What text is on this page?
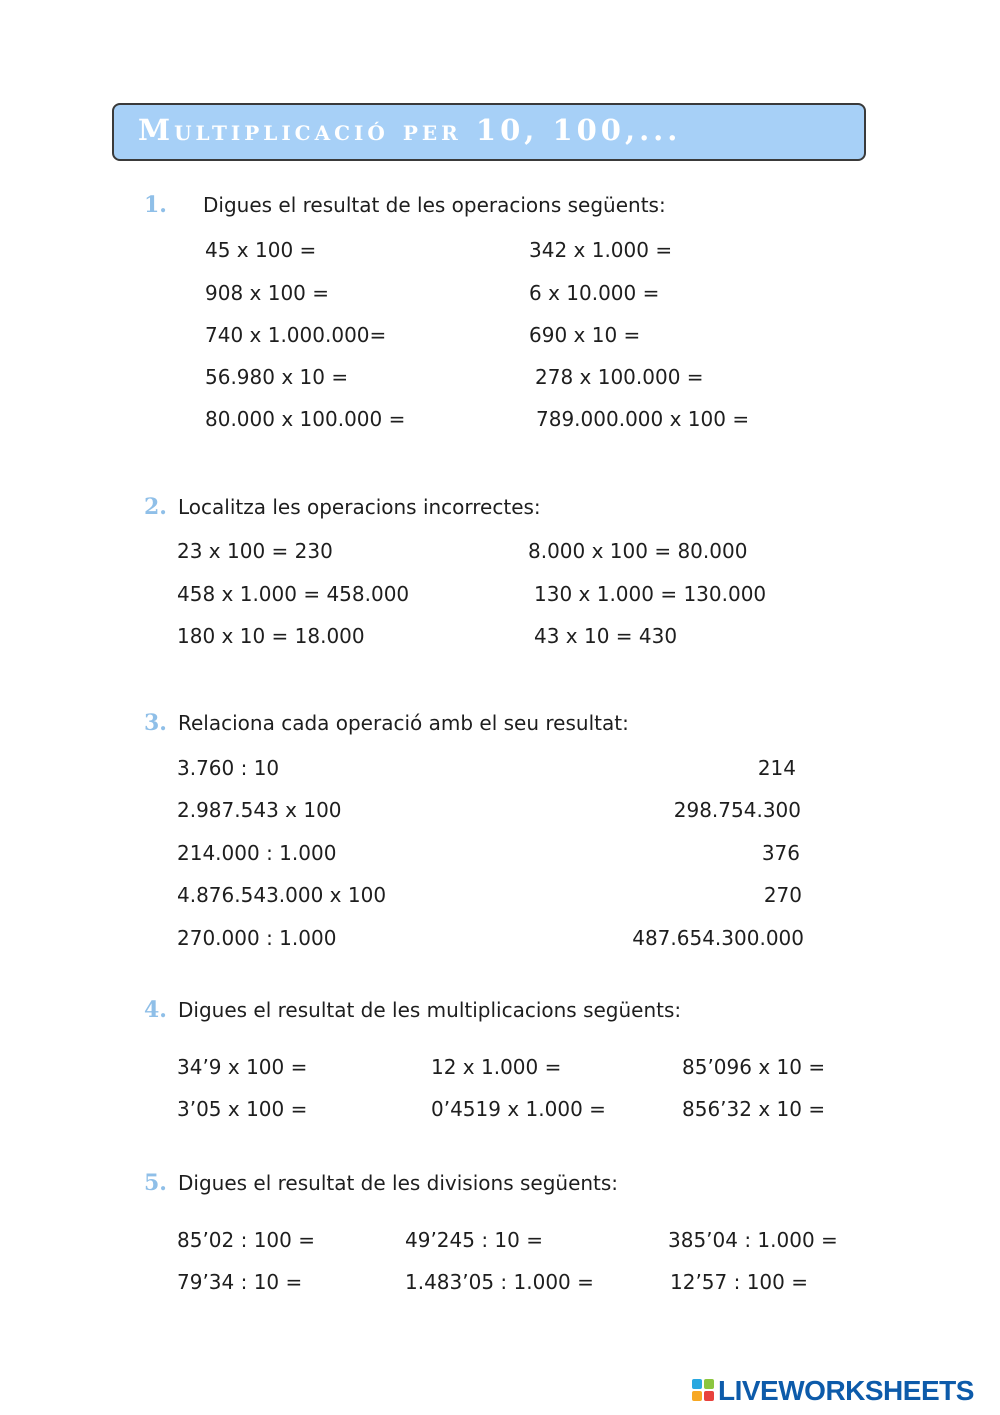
Multiplicació per 10, 100,...
1. Digues el resultat de les operacions següents:
45 x 100 =	342 x 1.000 =
908 x 100 =	6 x 10.000 =
740 x 1.000.000=	690 x 10 =
56.980 x 10 =	278 x 100.000 =
80.000 x 100.000 =	789.000.000 x 100 =
2. Localitza les operacions incorrectes:
23 x 100 = 230	8.000 x 100 = 80.000
458 x 1.000 = 458.000	130 x 1.000 = 130.000
180 x 10 = 18.000	43 x 10 = 430
3. Relaciona cada operació amb el seu resultat:
3.760 : 10	214
2.987.543 x 100	298.754.300
214.000 : 1.000	376
4.876.543.000 x 100	270
270.000 : 1.000	487.654.300.000
4. Digues el resultat de les multiplicacions següents:
34’9 x 100 =	12 x 1.000 =	85’096 x 10 =
3’05 x 100 =	0’4519 x 1.000 =	856’32 x 10 =
5. Digues el resultat de les divisions següents:
85’02 : 100 =	49’245 : 10 =	385’04 : 1.000 =
79’34 : 10 =	1.483’05 : 1.000 =	12’57 : 100 =
LIVEWORKSHEETS
